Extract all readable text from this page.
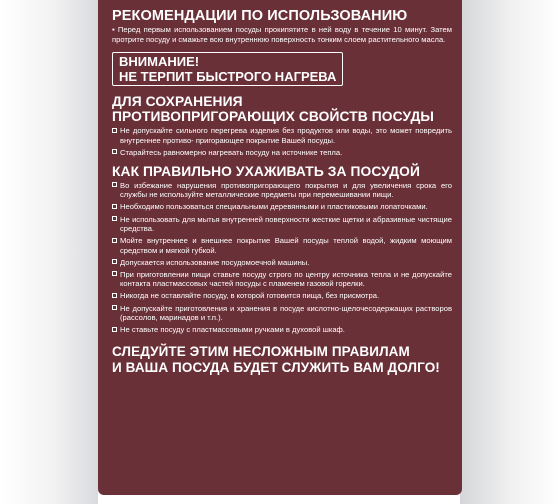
РЕКОМЕНДАЦИИ ПО ИСПОЛЬЗОВАНИЮ
▪ Перед первым использованием посуды прокипятите в ней воду в течение 10 минут. Затем протрите посуду и смажьте всю внутреннюю поверхность тонким слоем растительного масла.
ВНИМАНИЕ!
НЕ ТЕРПИТ БЫСТРОГО НАГРЕВА
ДЛЯ СОХРАНЕНИЯ
ПРОТИВОПРИГОРАЮЩИХ СВОЙСТВ ПОСУДЫ
Не допускайте сильного перегрева изделия без продуктов или воды, это может повредить внутреннее противо- пригорающее покрытие Вашей посуды.
Старайтесь равномерно нагревать посуду на источнике тепла.
КАК ПРАВИЛЬНО УХАЖИВАТЬ ЗА ПОСУДОЙ
Во избежание нарушения противопригорающего покрытия и для увеличения срока его службы не используйте металлические предметы при перемешивании пищи.
Необходимо пользоваться специальными деревянными и пластиковыми лопаточками.
Не использовать для мытья внутренней поверхности жесткие щетки и абразивные чистящие средства.
Мойте внутреннее и внешнее покрытие Вашей посуды теплой водой, жидким моющим средством и мягкой губкой.
Допускается использование посудомоечной машины.
При приготовлении пищи ставьте посуду строго по центру источника тепла и не допускайте контакта пластмассовых частей посуды с пламенем газовой горелки.
Никогда не оставляйте посуду, в которой готовится пища, без присмотра.
Не допускайте приготовления и хранения в посуде кислотно-щелочесодержащих растворов (рассолов, маринадов и т.п.).
Не ставьте посуду с пластмассовыми ручками в духовой шкаф.
СЛЕДУЙТЕ ЭТИМ НЕСЛОЖНЫМ ПРАВИЛАМ
И ВАША ПОСУДА БУДЕТ СЛУЖИТЬ ВАМ ДОЛГО!
